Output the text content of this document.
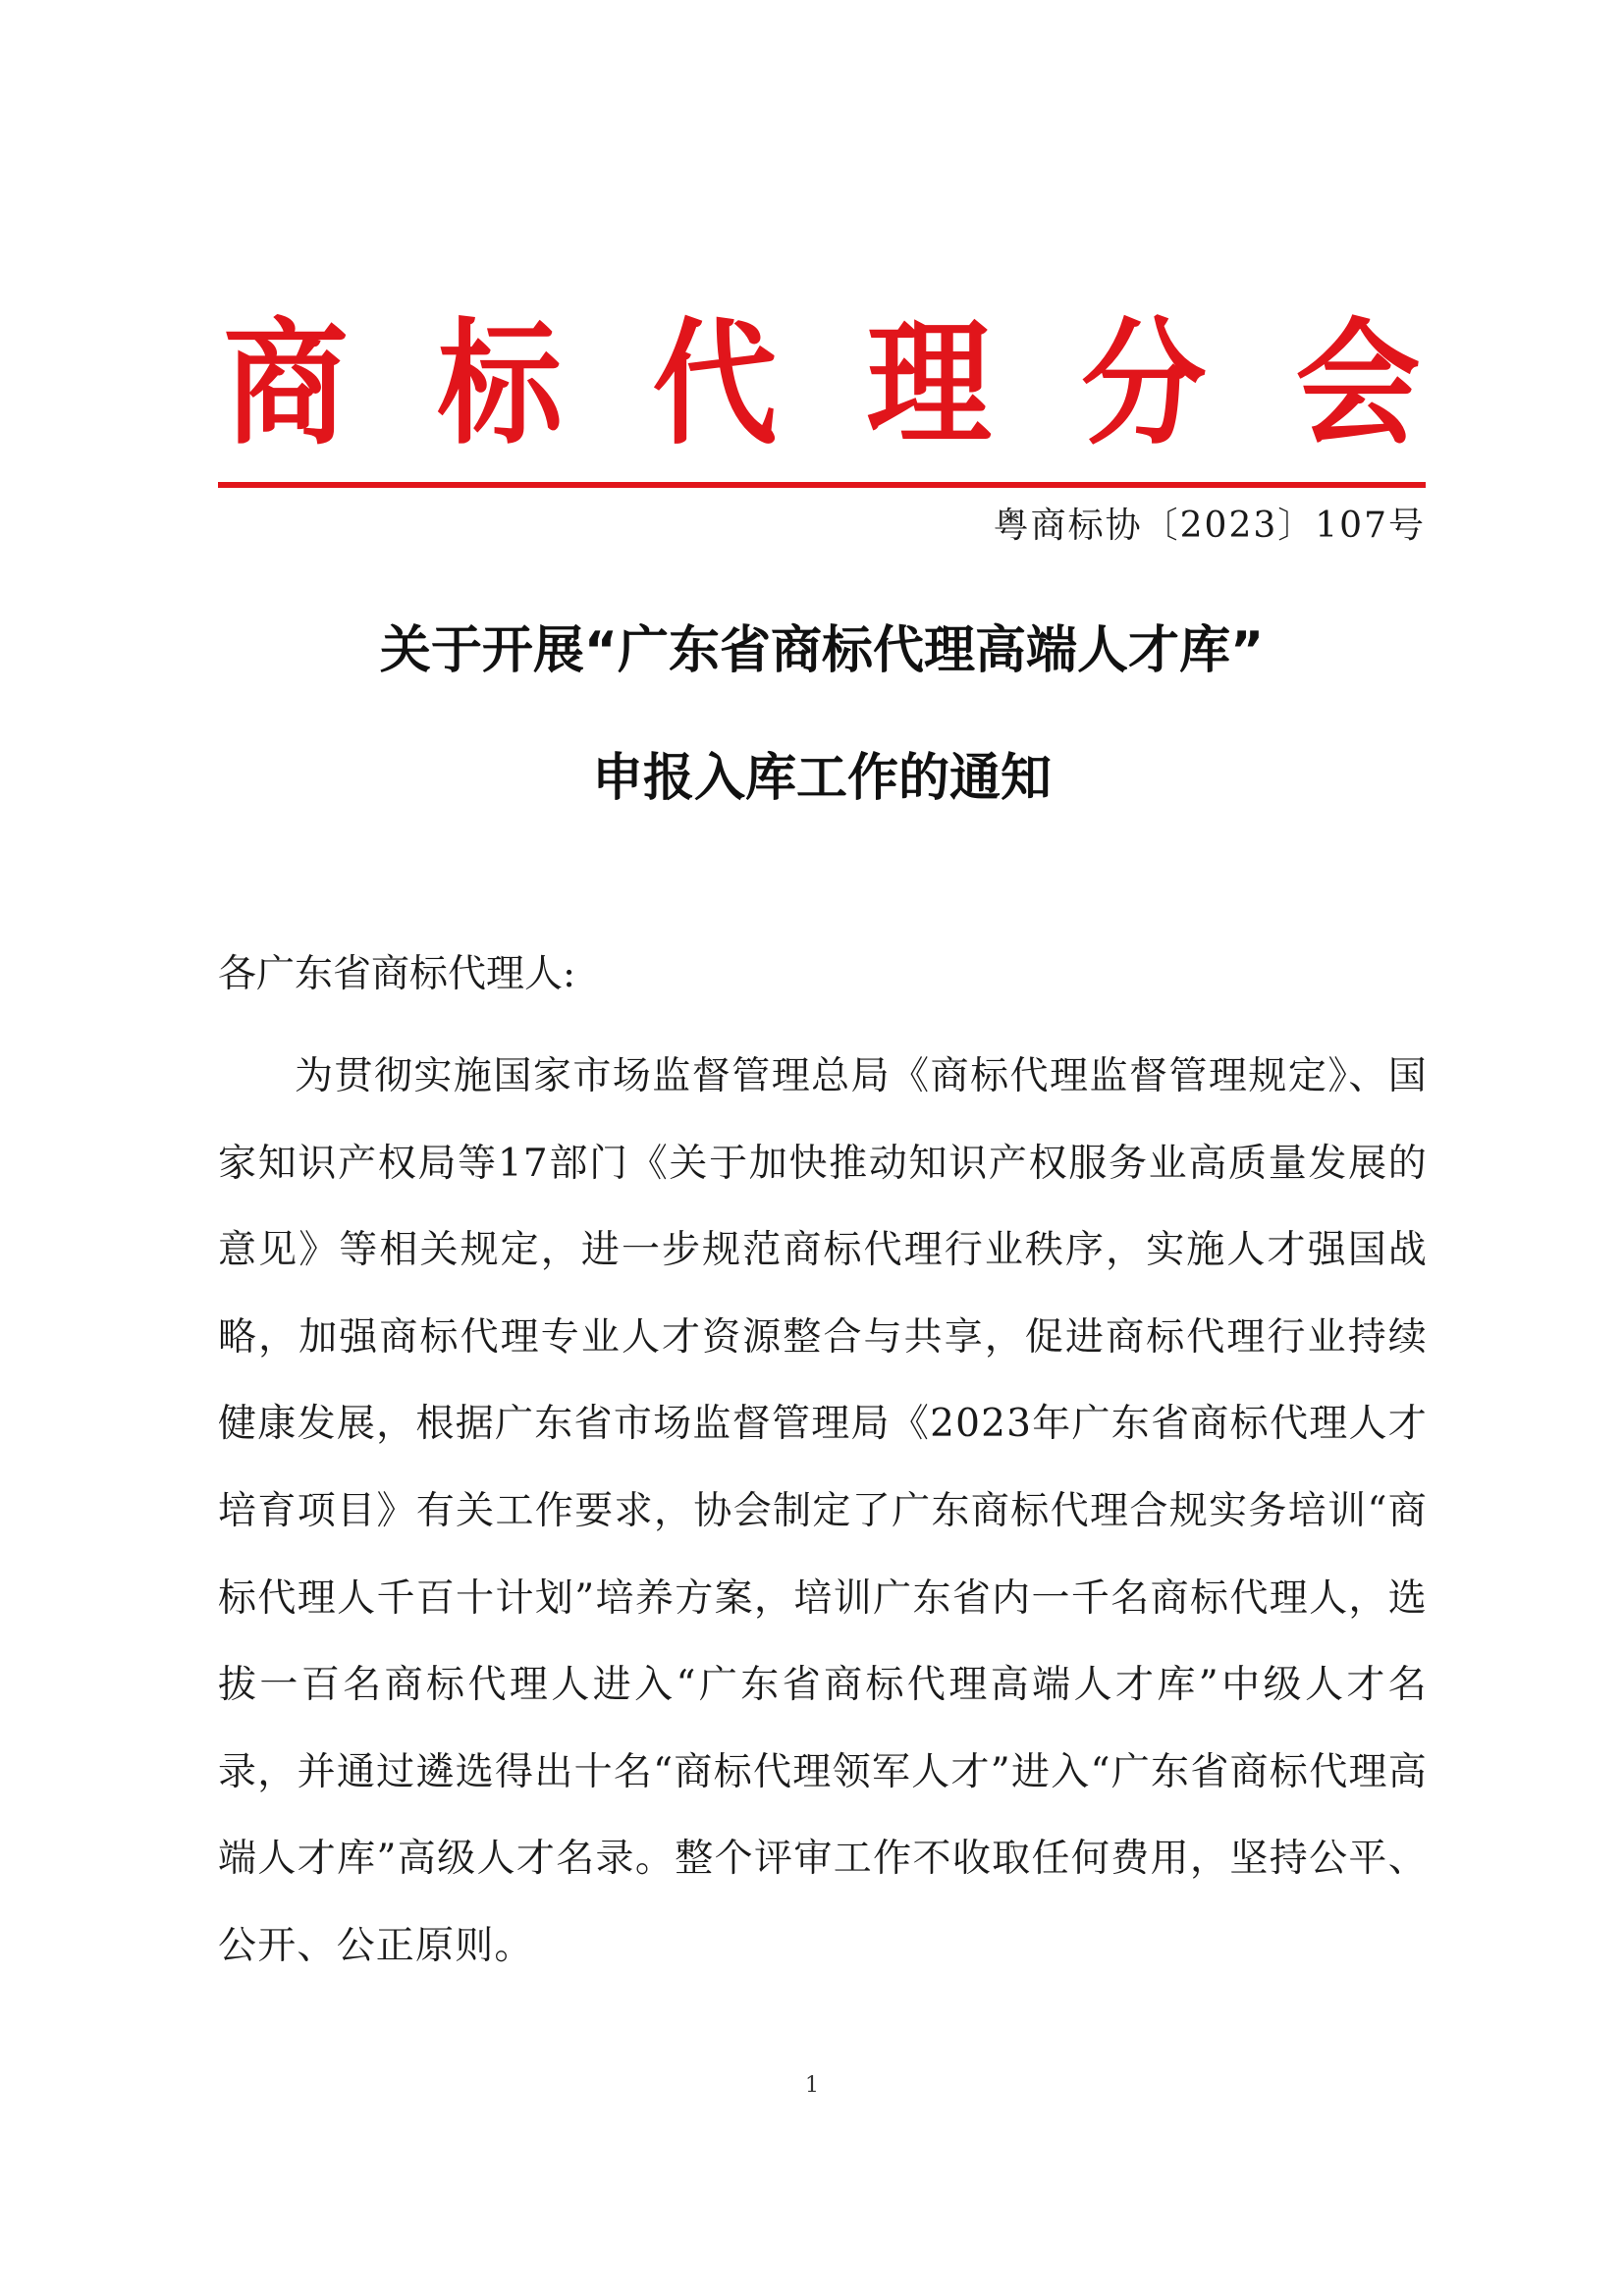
商 标 代 理 分 会
粤商标协〔2023〕107号
关于开展“广东省商标代理高端人才库”
申报入库工作的通知
各广东省商标代理人:

为贯彻实施国家市场监督管理总局《商标代理监督管理规定》、国家知识产权局等17部门《关于加快推动知识产权服务业高质量发展的意见》等相关规定，进一步规范商标代理行业秩序，实施人才强国战略，加强商标代理专业人才资源整合与共享，促进商标代理行业持续健康发展，根据广东省市场监督管理局《2023年广东省商标代理人才培育项目》有关工作要求，协会制定了广东商标代理合规实务培训“商标代理人千百十计划”培养方案，培训广东省内一千名商标代理人，选拔一百名商标代理人进入“广东省商标代理高端人才库”中级人才名录，并通过遴选得出十名“商标代理领军人才”进入“广东省商标代理高端人才库”高级人才名录。整个评审工作不收取任何费用，坚持公平、公开、公正原则。

1
